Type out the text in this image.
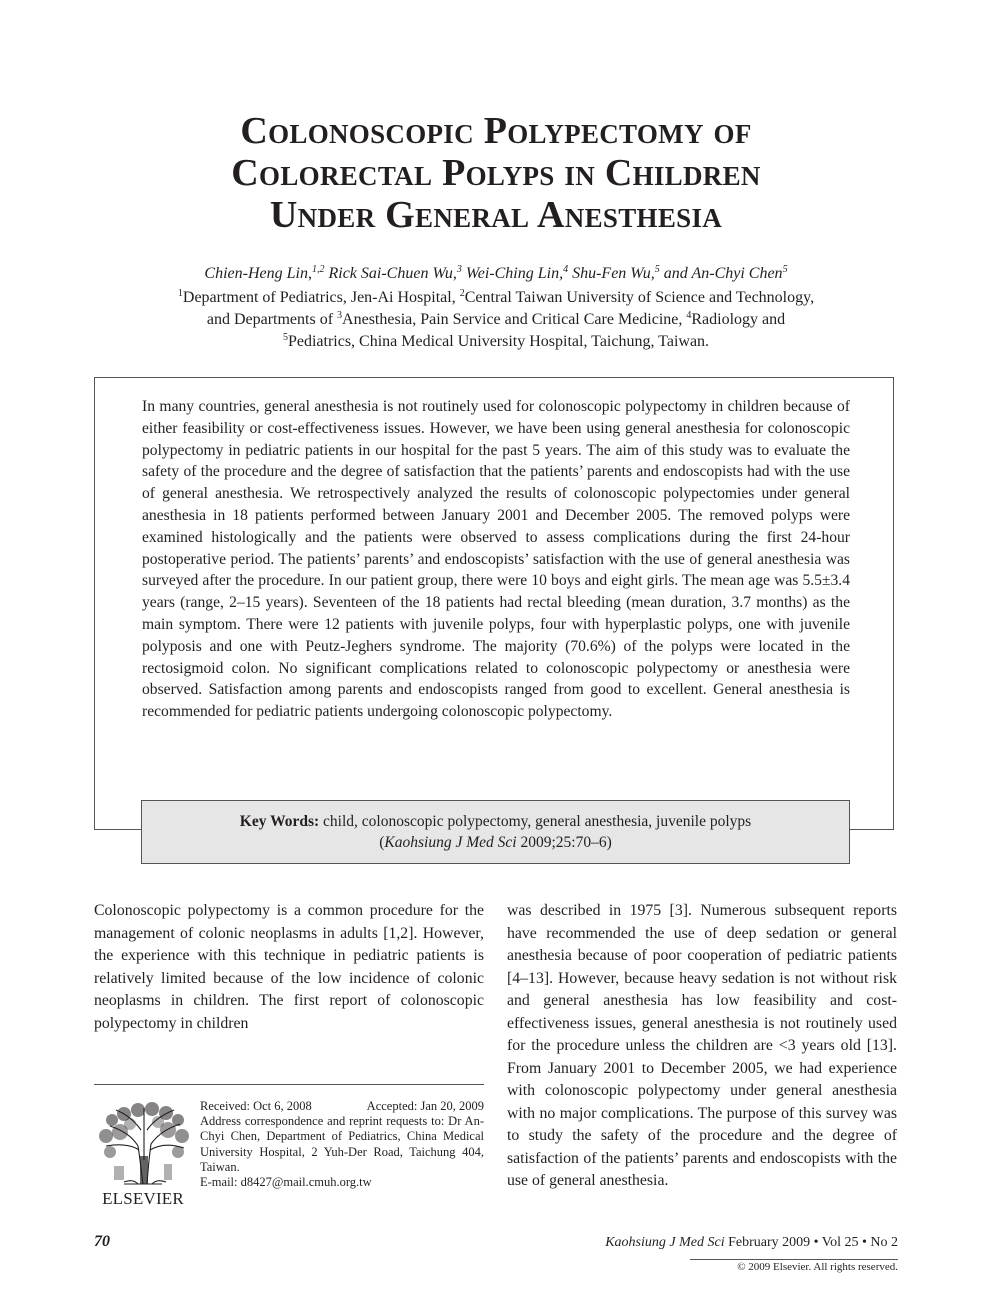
Colonoscopic Polypectomy of
Colorectal Polyps in Children
Under General Anesthesia
Chien-Heng Lin,$^{1,2}$ Rick Sai-Chuen Wu,$^3$ Wei-Ching Lin,$^4$ Shu-Fen Wu,$^5$ and An-Chyi Chen$^5$
$^1$Department of Pediatrics, Jen-Ai Hospital, $^2$Central Taiwan University of Science and Technology,
and Departments of $^3$Anesthesia, Pain Service and Critical Care Medicine, $^4$Radiology and
$^5$Pediatrics, China Medical University Hospital, Taichung, Taiwan.
In many countries, general anesthesia is not routinely used for colonoscopic polypectomy in children because of either feasibility or cost-effectiveness issues. However, we have been using general anesthesia for colonoscopic polypectomy in pediatric patients in our hospital for the past 5 years. The aim of this study was to evaluate the safety of the procedure and the degree of satisfaction that the patients’ parents and endoscopists had with the use of general anesthesia. We retrospectively analyzed the results of colonoscopic polypectomies under general anesthesia in 18 patients performed between January 2001 and December 2005. The removed polyps were examined histologically and the patients were observed to assess complications during the first 24-hour postoperative period. The patients’ parents’ and endoscopists’ satisfaction with the use of general anesthesia was surveyed after the procedure. In our patient group, there were 10 boys and eight girls. The mean age was 5.5±3.4 years (range, 2–15 years). Seventeen of the 18 patients had rectal bleeding (mean duration, 3.7 months) as the main symptom. There were 12 patients with juvenile polyps, four with hyperplastic polyps, one with juvenile polyposis and one with Peutz-Jeghers syndrome. The majority (70.6%) of the polyps were located in the rectosigmoid colon. No significant complications related to colonoscopic polypectomy or anesthesia were observed. Satisfaction among parents and endoscopists ranged from good to excellent. General anesthesia is recommended for pediatric patients undergoing colonoscopic polypectomy.
Key Words: child, colonoscopic polypectomy, general anesthesia, juvenile polyps
(Kaohsiung J Med Sci 2009;25:70–6)
Colonoscopic polypectomy is a common procedure for the management of colonic neoplasms in adults [1,2]. However, the experience with this technique in pediatric patients is relatively limited because of the low incidence of colonic neoplasms in children. The first report of colonoscopic polypectomy in children
was described in 1975 [3]. Numerous subsequent reports have recommended the use of deep sedation or general anesthesia because of poor cooperation of pediatric patients [4–13]. However, because heavy sedation is not without risk and general anesthesia has low feasibility and cost-effectiveness issues, general anesthesia is not routinely used for the procedure unless the children are <3 years old [13]. From January 2001 to December 2005, we had experience with colonoscopic polypectomy under general anesthesia with no major complications. The purpose of this survey was to study the safety of the procedure and the degree of satisfaction of the patients’ parents and endoscopists with the use of general anesthesia.
ELSEVIER
Received: Oct 6, 2008	Accepted: Jan 20, 2009
Address correspondence and reprint requests to: Dr An-Chyi Chen, Department of Pediatrics, China Medical University Hospital, 2 Yuh-Der Road, Taichung 404, Taiwan.
E-mail: d8427@mail.cmuh.org.tw
70	Kaohsiung J Med Sci February 2009 • Vol 25 • No 2
© 2009 Elsevier. All rights reserved.
